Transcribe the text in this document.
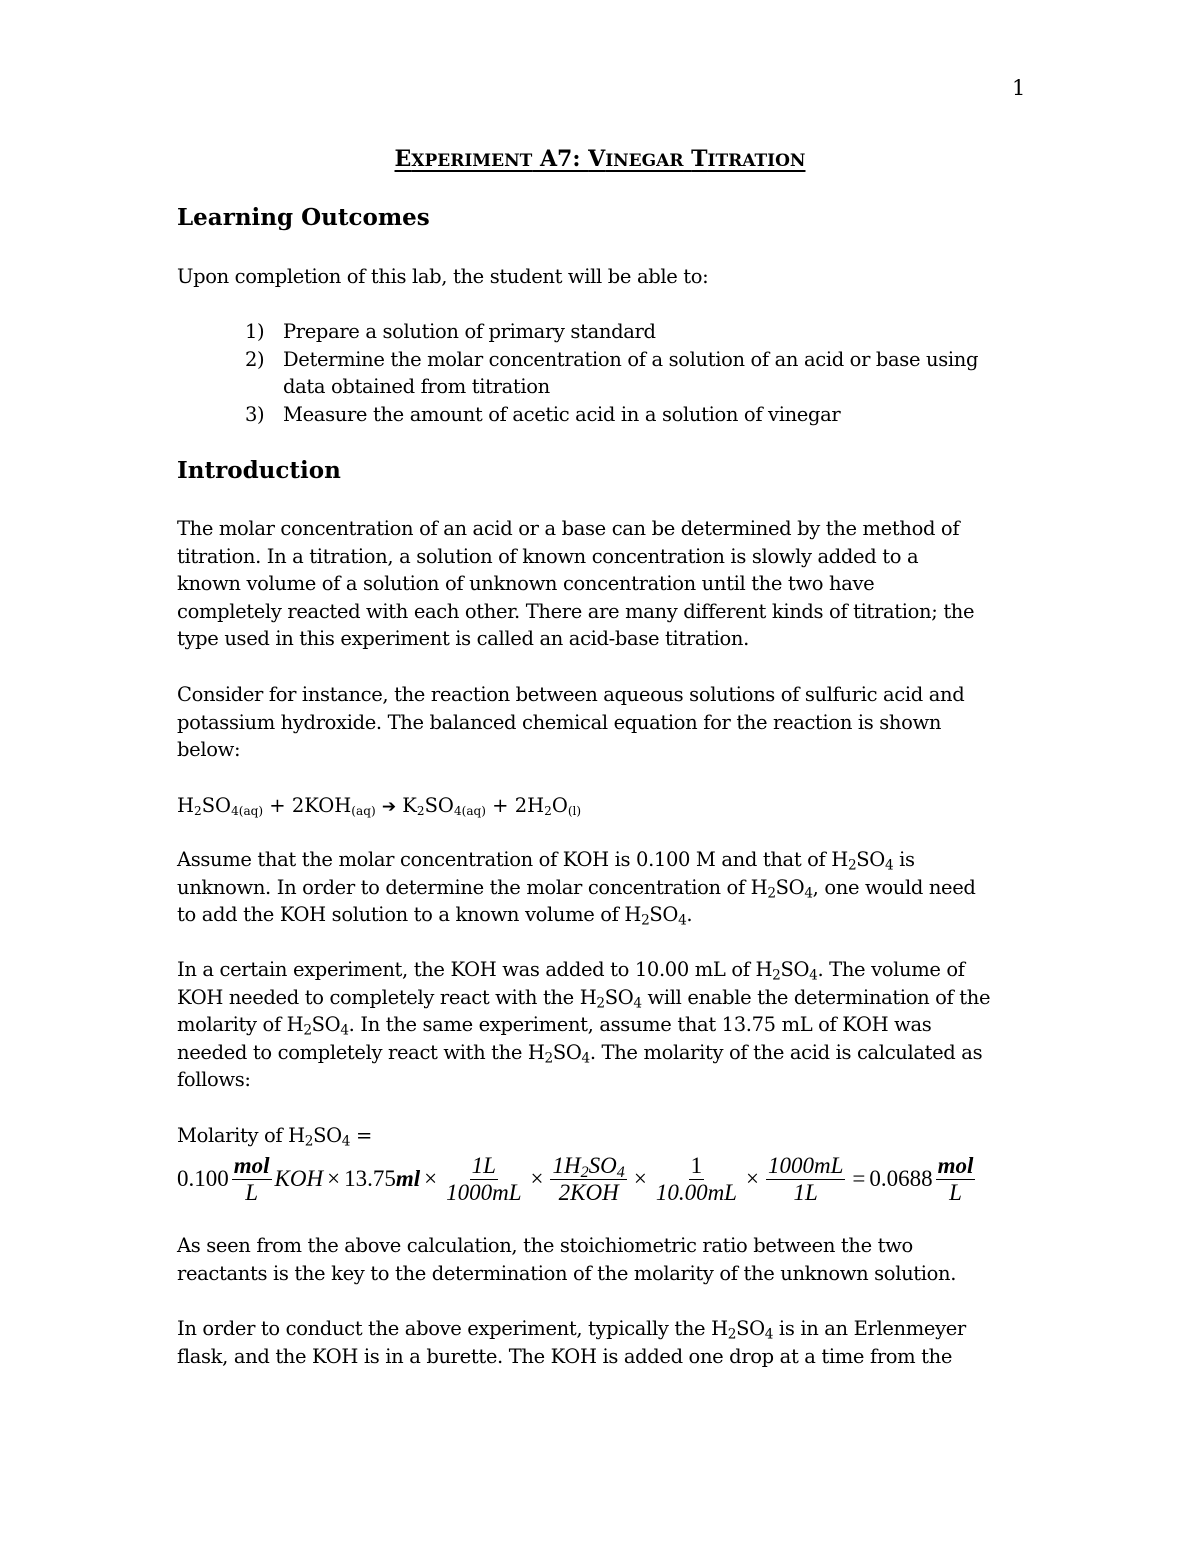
1
EXPERIMENT A7: VINEGAR TITRATION
Learning Outcomes

Upon completion of this lab, the student will be able to:

1) Prepare a solution of primary standard
2) Determine the molar concentration of a solution of an acid or base using
data obtained from titration
3) Measure the amount of acetic acid in a solution of vinegar
Introduction

The molar concentration of an acid or a base can be determined by the method of
titration. In a titration, a solution of known concentration is slowly added to a
known volume of a solution of unknown concentration until the two have
completely reacted with each other. There are many different kinds of titration; the
type used in this experiment is called an acid-base titration.

Consider for instance, the reaction between aqueous solutions of sulfuric acid and
potassium hydroxide. The balanced chemical equation for the reaction is shown
below:

$H_2SO_{4(aq)} + 2KOH_{(aq)}$ ➔ $K_2SO_{4(aq)} + 2H_2O_{(l)}$

Assume that the molar concentration of KOH is 0.100 M and that of $H_2SO_4$ is
unknown. In order to determine the molar concentration of $H_2SO_4$, one would need
to add the KOH solution to a known volume of $H_2SO_4$.

In a certain experiment, the KOH was added to 10.00 mL of $H_2SO_4$. The volume of
KOH needed to completely react with the $H_2SO_4$ will enable the determination of the
molarity of $H_2SO_4$. In the same experiment, assume that 13.75 mL of KOH was
needed to completely react with the $H_2SO_4$. The molarity of the acid is calculated as
follows:

Molarity of $H_2SO_4$ =

$0.100 \frac{\text{mol}}{L}$ KOH × 13.75 ml × $\frac{1L}{1000mL} \times \frac{1H_2SO_4}{\text{2KOH}} \times \frac{1}{10.00mL} \times \frac{1000mL}{1L} = 0.0688 \frac{\text{mol}}{L}$

As seen from the above calculation, the stoichiometric ratio between the two
reactants is the key to the determination of the molarity of the unknown solution.

In order to conduct the above experiment, typically the $H_2SO_4$ is in an Erlenmeyer
flask, and the KOH is in a burette. The KOH is added one drop at a time from the
